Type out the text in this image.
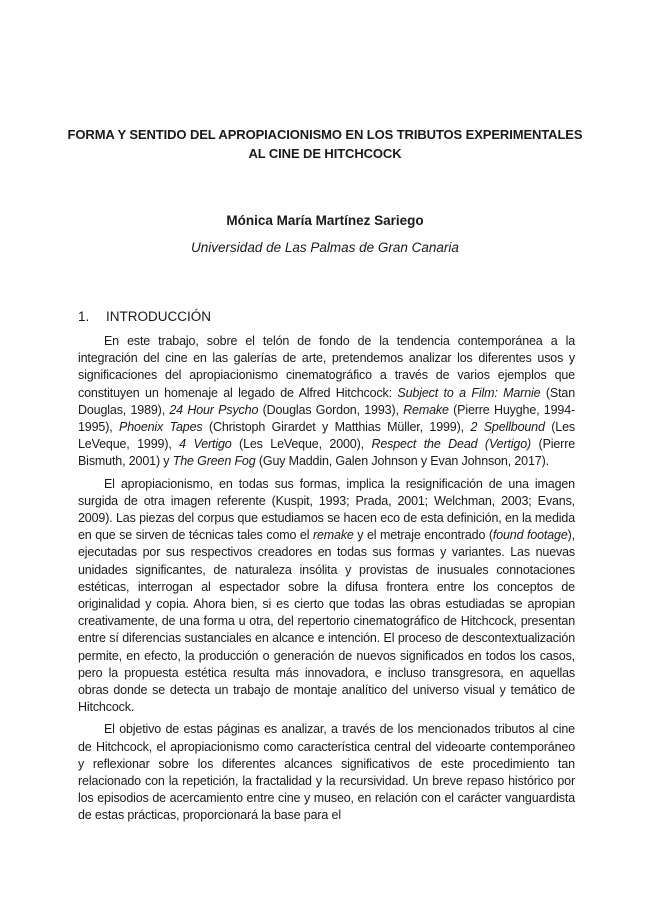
FORMA Y SENTIDO DEL APROPIACIONISMO EN LOS TRIBUTOS EXPERIMENTALES
AL CINE DE HITCHCOCK
Mónica María Martínez Sariego
Universidad de Las Palmas de Gran Canaria
1. INTRODUCCIÓN

En este trabajo, sobre el telón de fondo de la tendencia contemporánea a la integración del cine en las galerías de arte, pretendemos analizar los diferentes usos y significaciones del apropiacionismo cinematográfico a través de varios ejemplos que constituyen un homenaje al legado de Alfred Hitchcock: Subject to a Film: Marnie (Stan Douglas, 1989), 24 Hour Psycho (Douglas Gordon, 1993), Remake (Pierre Huyghe, 1994-1995), Phoenix Tapes (Christoph Girardet y Matthias Müller, 1999), 2 Spellbound (Les LeVeque, 1999), 4 Vertigo (Les LeVeque, 2000), Respect the Dead (Vertigo) (Pierre Bismuth, 2001) y The Green Fog (Guy Maddin, Galen Johnson y Evan Johnson, 2017).

El apropiacionismo, en todas sus formas, implica la resignificación de una imagen surgida de otra imagen referente (Kuspit, 1993; Prada, 2001; Welchman, 2003; Evans, 2009). Las piezas del corpus que estudiamos se hacen eco de esta definición, en la medida en que se sirven de técnicas tales como el remake y el metraje encontrado (found footage), ejecutadas por sus respectivos creadores en todas sus formas y variantes. Las nuevas unidades significantes, de naturaleza insólita y provistas de inusuales connotaciones estéticas, interrogan al espectador sobre la difusa frontera entre los conceptos de originalidad y copia. Ahora bien, si es cierto que todas las obras estudiadas se apropian creativamente, de una forma u otra, del repertorio cinematográfico de Hitchcock, presentan entre sí diferencias sustanciales en alcance e intención. El proceso de descontextualización permite, en efecto, la producción o generación de nuevos significados en todos los casos, pero la propuesta estética resulta más innovadora, e incluso transgresora, en aquellas obras donde se detecta un trabajo de montaje analítico del universo visual y temático de Hitchcock.

El objetivo de estas páginas es analizar, a través de los mencionados tributos al cine de Hitchcock, el apropiacionismo como característica central del videoarte contemporáneo y reflexionar sobre los diferentes alcances significativos de este procedimiento tan relacionado con la repetición, la fractalidad y la recursividad. Un breve repaso histórico por los episodios de acercamiento entre cine y museo, en relación con el carácter vanguardista de estas prácticas, proporcionará la base para el
